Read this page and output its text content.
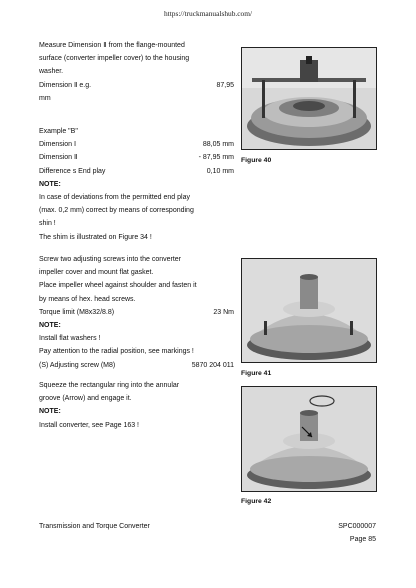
https://truckmanualshub.com/

Measure Dimension Ⅱ from the flange-mounted

surface (converter impeller cover) to the housing

washer.

Dimension Ⅱ e.g.	87,95

mm

Example "B"

Dimension Ⅰ	88,05 mm
Dimension Ⅱ	- 87,95 mm
Difference s End play	0,10 mm

NOTE:

In case of deviations from the permitted end play

(max. 0,2 mm) correct by means of corresponding

shin !

The shim is illustrated on Figure 34 !

Screw two adjusting screws into the converter

impeller cover and mount flat gasket.

Place impeller wheel against shoulder and fasten it

by means of hex. head screws.

Torque limit (M8x32/8.8)	23 Nm

NOTE:

Install flat washers !

Pay attention to the radial position, see markings !

(S) Adjusting screw (M8)	5870 204 011

Squeeze the rectangular ring into the annular

groove (Arrow) and engage it.

NOTE:

Install converter, see Page 163 !

Figure 40
Figure 41
Figure 42
Transmission and Torque Converter	SPC000007
Page 85
